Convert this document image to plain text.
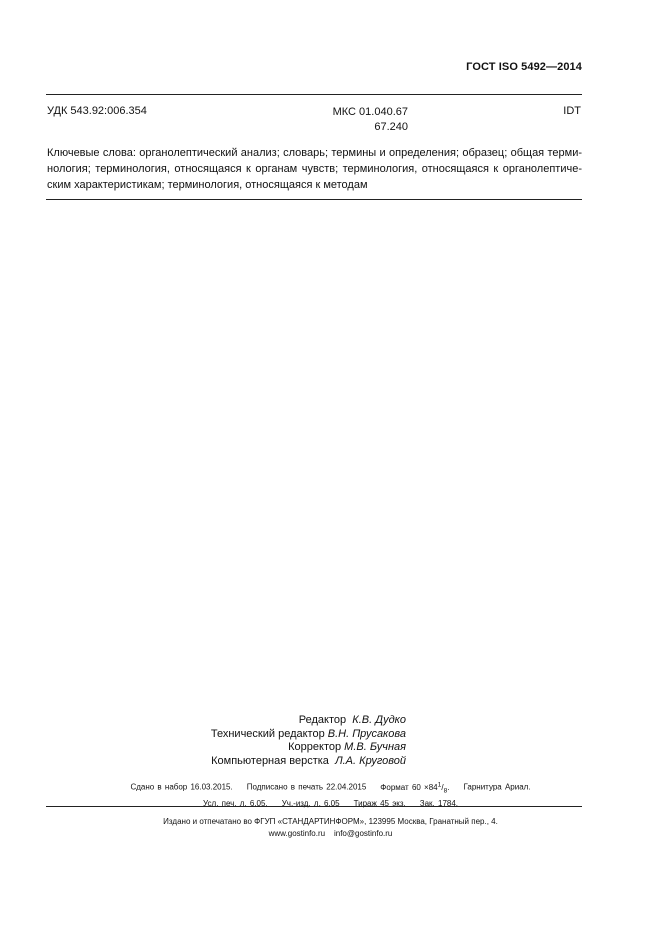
ГОСТ ISO 5492—2014
УДК 543.92:006.354	МКС 01.040.67
67.240
IDT
Ключевые слова: органолептический анализ; словарь; термины и определения; образец; общая терми-нология; терминология, относящаяся к органам чувств; терминология, относящаяся к органолептиче-ским характеристикам; терминология, относящаяся к методам
Редактор К.В. Дудко
Технический редактор В.Н. Прусакова
Корректор М.В. Бучная
Компьютерная верстка Л.А. Круговой
Сдано в набор 16.03.2015. Подписано в печать 22.04.2015 Формат $60 \times 84^1/_8$. Гарнитура Ариал.
Усл. печ. л. 6,05. Уч.-изд. л. 6,05 Тираж 45 экз. Зак. 1784.
Издано и отпечатано во ФГУП «СТАНДАРТИНФОРМ», 123995 Москва, Гранатный пер., 4.
www.gostinfo.ru info@gostinfo.ru
